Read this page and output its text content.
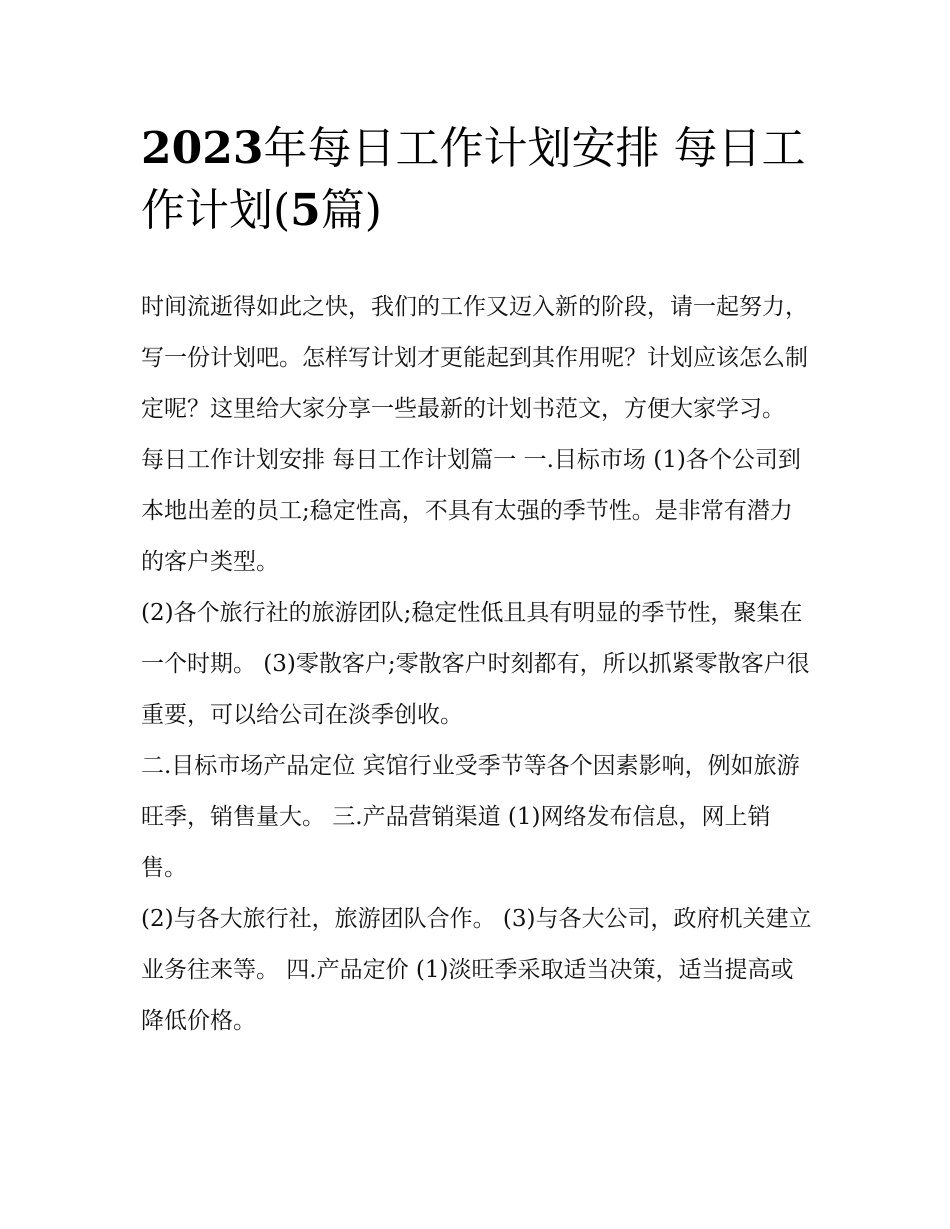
2023年每日工作计划安排 每日工作计划(5篇)

时间流逝得如此之快，我们的工作又迈入新的阶段，请一起努力，写一份计划吧。怎样写计划才更能起到其作用呢？计划应该怎么制定呢？这里给大家分享一些最新的计划书范文，方便大家学习。

每日工作计划安排 每日工作计划篇一 一.目标市场 (1)各个公司到本地出差的员工;稳定性高，不具有太强的季节性。是非常有潜力的客户类型。

(2)各个旅行社的旅游团队;稳定性低且具有明显的季节性，聚集在一个时期。 (3)零散客户;零散客户时刻都有，所以抓紧零散客户很重要，可以给公司在淡季创收。

二.目标市场产品定位 宾馆行业受季节等各个因素影响，例如旅游旺季，销售量大。 三.产品营销渠道 (1)网络发布信息，网上销售。

(2)与各大旅行社，旅游团队合作。 (3)与各大公司，政府机关建立业务往来等。 四.产品定价 (1)淡旺季采取适当决策，适当提高或降低价格。
